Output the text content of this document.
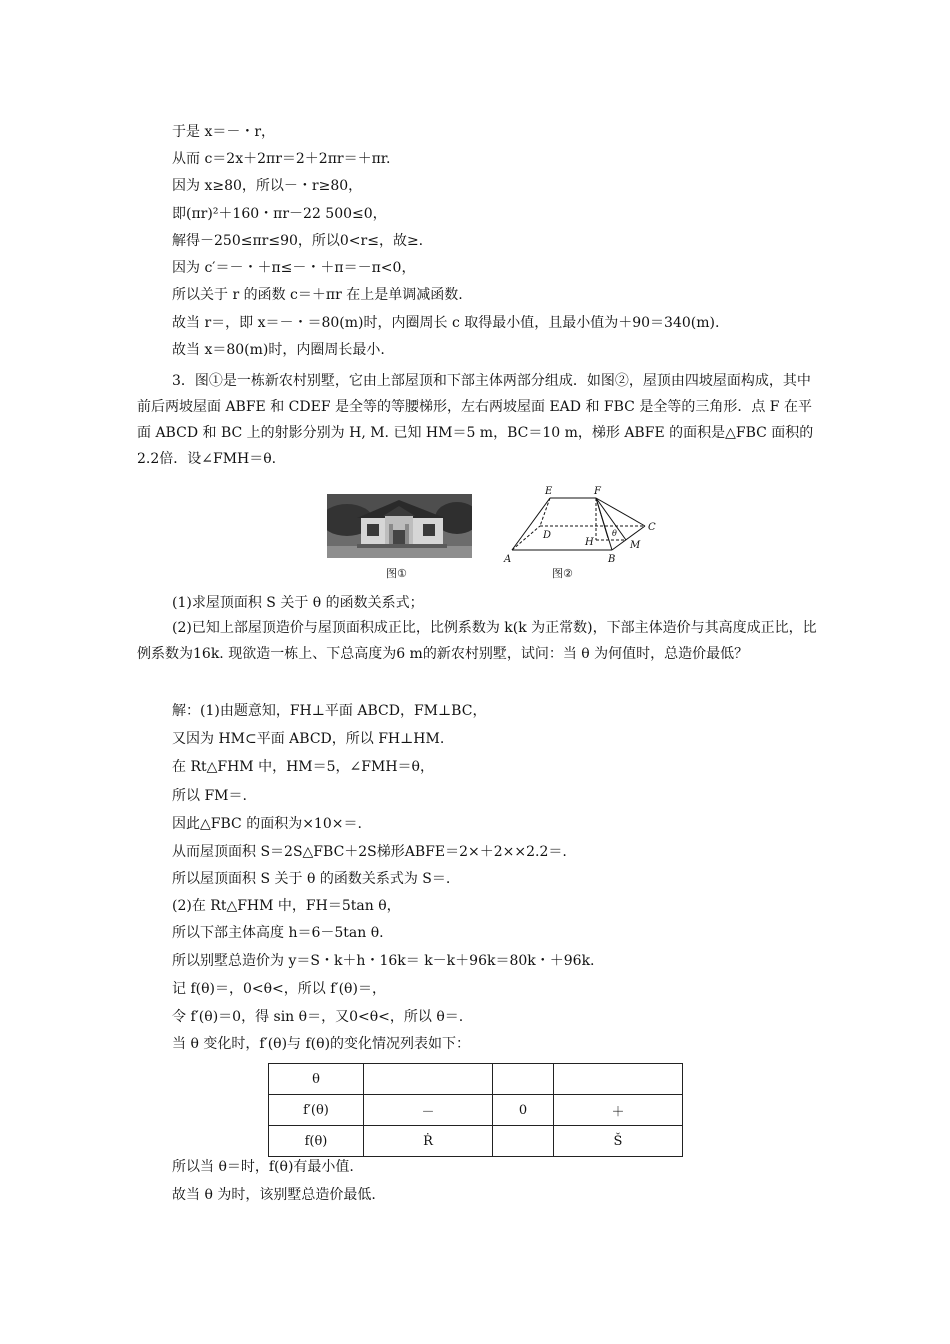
于是 x＝－・r，
从而 c＝2x＋2πr＝2＋2πr＝＋πr.
因为 x≥80，所以－・r≥80，
即(πr)²＋160・πr－22 500≤0，
解得－250≤πr≤90，所以0<r≤，故≥.
因为 c′＝－・＋π≤－・＋π＝－π<0，
所以关于 r 的函数 c＝＋πr 在上是单调减函数.
故当 r＝，即 x＝－・＝80(m)时，内圈周长 c 取得最小值，且最小值为＋90＝340(m).
故当 x＝80(m)时，内圈周长最小.

3．图①是一栋新农村别墅，它由上部屋顶和下部主体两部分组成．如图②，屋顶由四坡屋面构成，其中前后两坡屋面 ABFE 和 CDEF 是全等的等腰梯形，左右两坡屋面 EAD 和 FBC 是全等的三角形．点 F 在平面 ABCD 和 BC 上的射影分别为 H, M. 已知 HM＝5 m，BC＝10 m，梯形 ABFE 的面积是△FBC 面积的2.2倍．设∠FMH＝θ.

图①
E	F
D
H
C
M
A	B
θ
图②
(1)求屋顶面积 S 关于 θ 的函数关系式；

(2)已知上部屋顶造价与屋顶面积成正比，比例系数为 k(k 为正常数)，下部主体造价与其高度成正比，比例系数为16k. 现欲造一栋上、下总高度为6 m的新农村别墅，试问：当 θ 为何值时，总造价最低？

解：(1)由题意知，FH⊥平面 ABCD，FM⊥BC，
又因为 HM⊂平面 ABCD，所以 FH⊥HM.
在 Rt△FHM 中，HM＝5，∠FMH＝θ，
所以 FM＝.
因此△FBC 的面积为×10×＝.
从而屋顶面积 S＝2S△FBC＋2S梯形ABFE＝2×＋2××2.2＝.
所以屋顶面积 S 关于 θ 的函数关系式为 S＝.
(2)在 Rt△FHM 中，FH＝5tan θ，
所以下部主体高度 h＝6－5tan θ.
所以别墅总造价为 y＝S・k＋h・16k＝ k－k＋96k＝80k・＋96k.
记 f(θ)＝，0<θ<，所以 f′(θ)＝，
令 f′(θ)＝0，得 sin θ＝，又0<θ<，所以 θ＝.
当 θ 变化时，f′(θ)与 f(θ)的变化情况列表如下：
θ			
f′(θ)	－	0	＋
f(θ)	Ṙ		Š
所以当 θ＝时，f(θ)有最小值.
故当 θ 为时，该别墅总造价最低.
